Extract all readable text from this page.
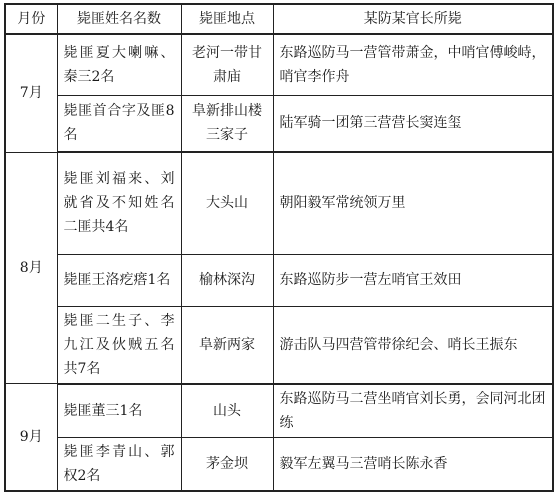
月份	毙匪姓名名数	毙匪地点	某防某官长所毙
7月	毙匪夏大喇嘛、秦三2名	老河一带甘肃庙	东路巡防马一营管带萧金，中哨官傅峻峙，哨官李作舟
	毙匪首合字及匪8名	阜新排山楼三家子	陆军骑一团第三营营长窦连玺
8月	毙匪刘福来、刘就省及不知姓名二匪共4名	大头山	朝阳毅军常统领万里
	毙匪王洛疙瘩1名	榆林深沟	东路巡防步一营左哨官王效田
	毙匪二生子、李九江及伙贼五名共7名	阜新两家	游击队马四营管带徐纪会、哨长王振东
9月	毙匪董三1名	山头	东路巡防马二营坐哨官刘长勇，会同河北团练
	毙匪李青山、郭权2名	茅金坝	毅军左翼马三营哨长陈永香
